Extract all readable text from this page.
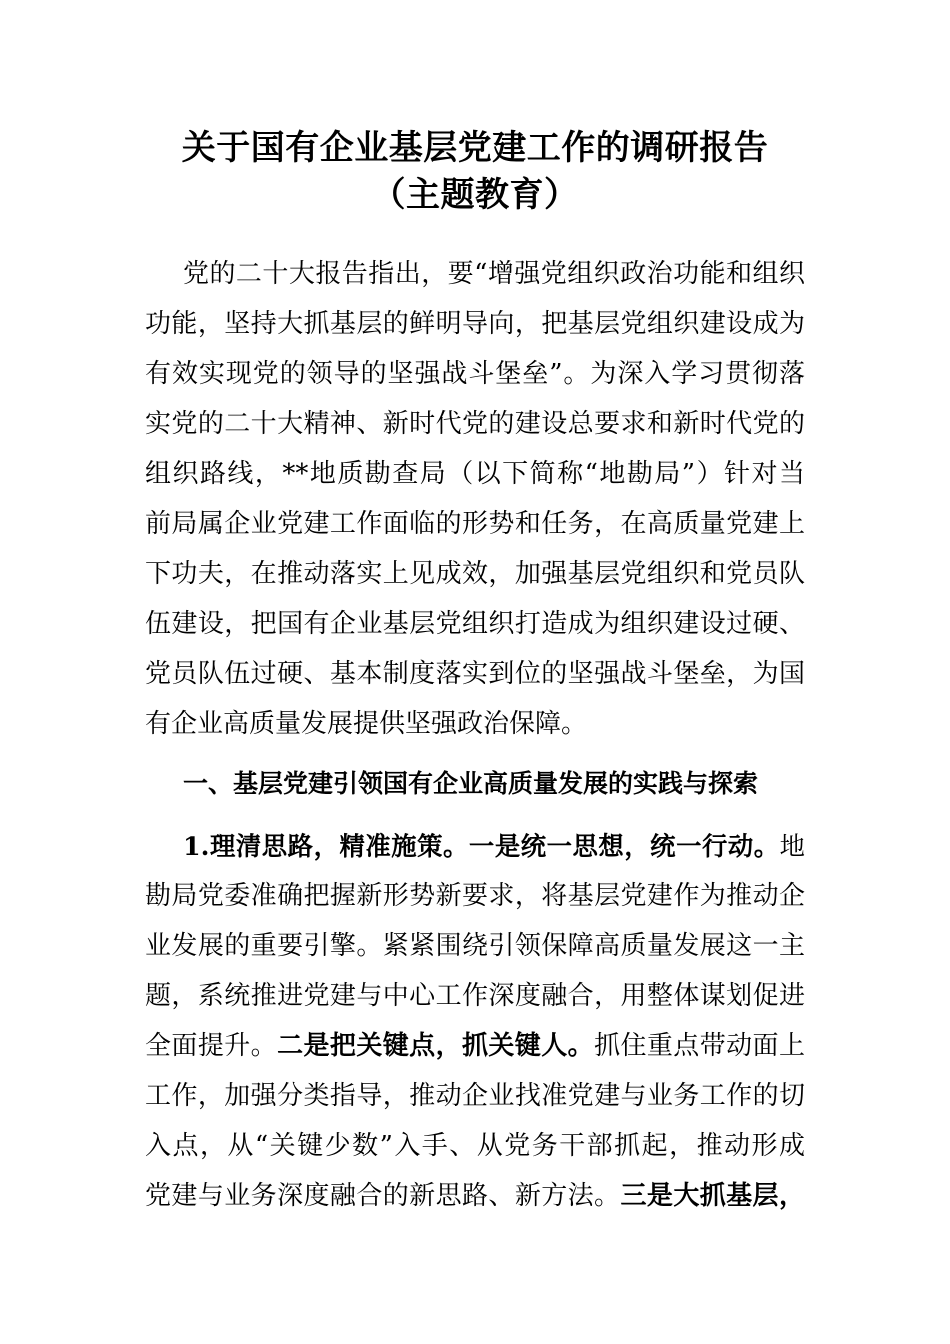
关于国有企业基层党建工作的调研报告
（主题教育）
党的二十大报告指出，要“增强党组织政治功能和组织
功能，坚持大抓基层的鲜明导向，把基层党组织建设成为
有效实现党的领导的坚强战斗堡垒”。为深入学习贯彻落
实党的二十大精神、新时代党的建设总要求和新时代党的
组织路线，**地质勘查局（以下简称“地勘局”）针对当
前局属企业党建工作面临的形势和任务，在高质量党建上
下功夫，在推动落实上见成效，加强基层党组织和党员队
伍建设，把国有企业基层党组织打造成为组织建设过硬、
党员队伍过硬、基本制度落实到位的坚强战斗堡垒，为国
有企业高质量发展提供坚强政治保障。
一、基层党建引领国有企业高质量发展的实践与探索
1.理清思路，精准施策。一是统一思想，统一行动。地
勘局党委准确把握新形势新要求，将基层党建作为推动企
业发展的重要引擎。紧紧围绕引领保障高质量发展这一主
题，系统推进党建与中心工作深度融合，用整体谋划促进
全面提升。二是把关键点，抓关键人。抓住重点带动面上
工作，加强分类指导，推动企业找准党建与业务工作的切
入点，从“关键少数”入手、从党务干部抓起，推动形成
党建与业务深度融合的新思路、新方法。三是大抓基层，
